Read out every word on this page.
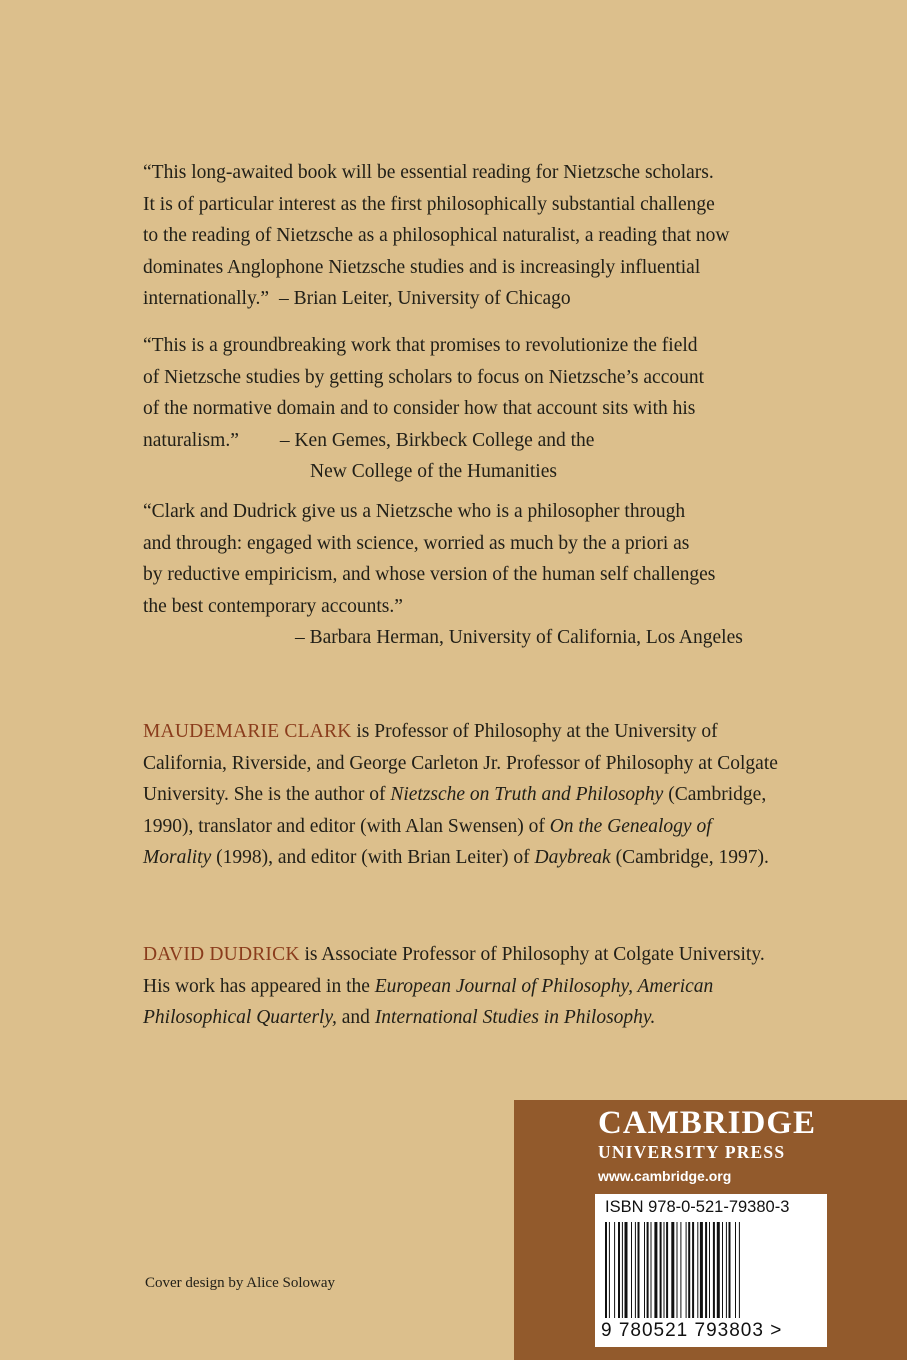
“This long-awaited book will be essential reading for Nietzsche scholars.

It is of particular interest as the first philosophically substantial challenge

to the reading of Nietzsche as a philosophical naturalist, a reading that now

dominates Anglophone Nietzsche studies and is increasingly influential

internationally.” – Brian Leiter, University of Chicago

“This is a groundbreaking work that promises to revolutionize the field

of Nietzsche studies by getting scholars to focus on Nietzsche’s account

of the normative domain and to consider how that account sits with his

naturalism.” – Ken Gemes, Birkbeck College and the

New College of the Humanities

“Clark and Dudrick give us a Nietzsche who is a philosopher through

and through: engaged with science, worried as much by the a priori as

by reductive empiricism, and whose version of the human self challenges

the best contemporary accounts.”

– Barbara Herman, University of California, Los Angeles

MAUDEMARIE CLARK is Professor of Philosophy at the University of California, Riverside, and George Carleton Jr. Professor of Philosophy at Colgate University. She is the author of Nietzsche on Truth and Philosophy (Cambridge, 1990), translator and editor (with Alan Swensen) of On the Genealogy of Morality (1998), and editor (with Brian Leiter) of Daybreak (Cambridge, 1997).
DAVID DUDRICK is Associate Professor of Philosophy at Colgate University. His work has appeared in the European Journal of Philosophy, American Philosophical Quarterly, and International Studies in Philosophy.
Cover design by Alice Soloway
CAMBRIDGE
UNIVERSITY PRESS
www.cambridge.org
ISBN 978-0-521-79380-3
9 780521 793803 >
